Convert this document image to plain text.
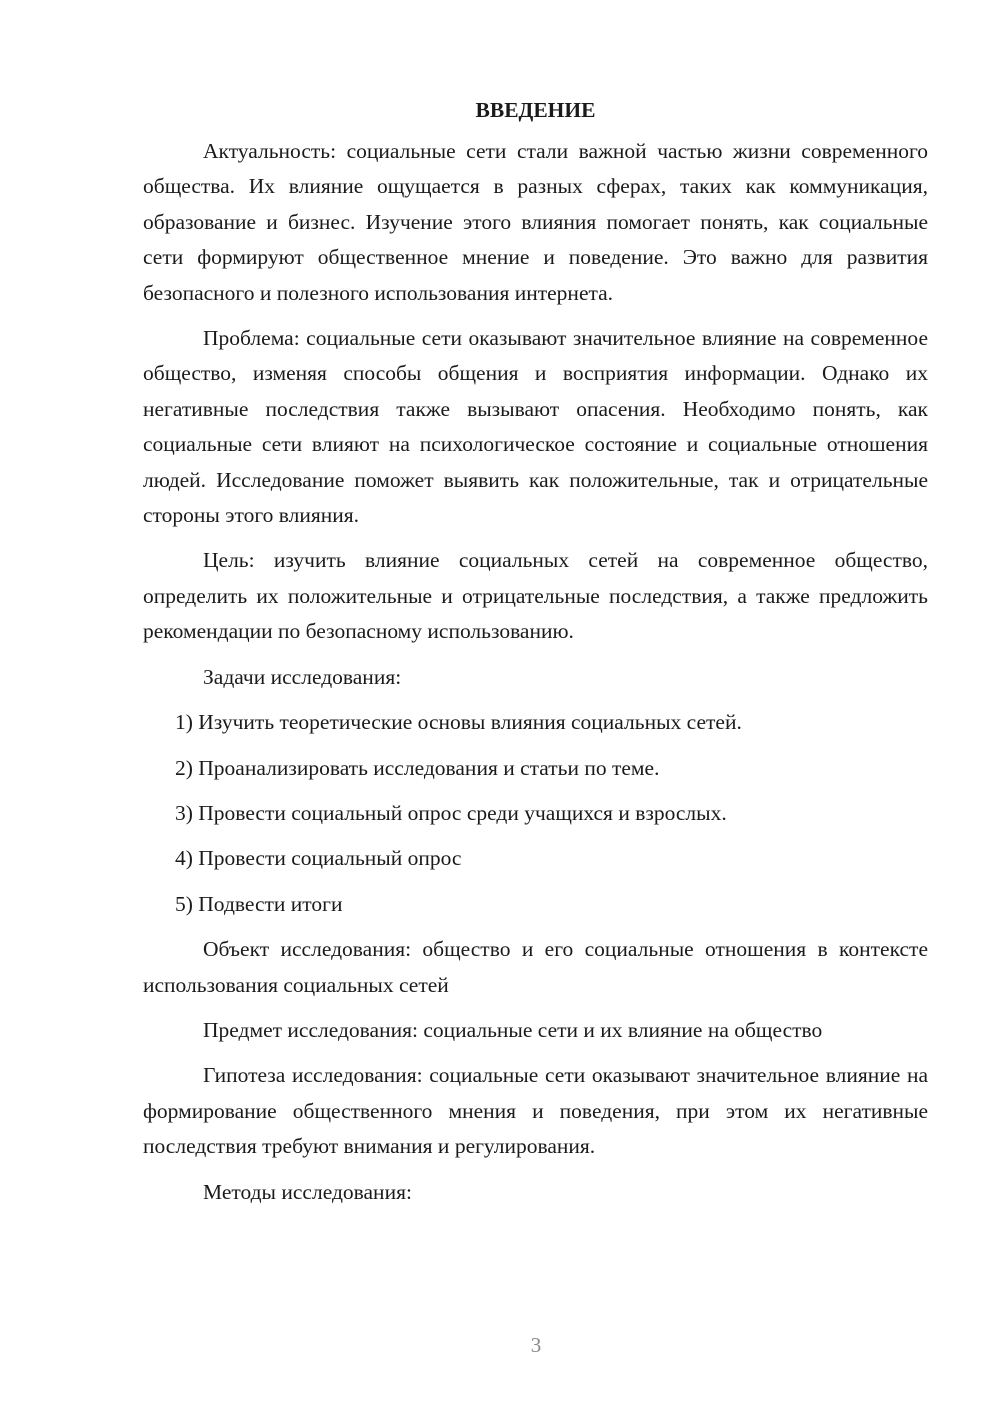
ВВЕДЕНИЕ

Актуальность: социальные сети стали важной частью жизни современного общества. Их влияние ощущается в разных сферах, таких как коммуникация, образование и бизнес. Изучение этого влияния помогает понять, как социальные сети формируют общественное мнение и поведение. Это важно для развития безопасного и полезного использования интернета.

Проблема: социальные сети оказывают значительное влияние на современное общество, изменяя способы общения и восприятия информации. Однако их негативные последствия также вызывают опасения. Необходимо понять, как социальные сети влияют на психологическое состояние и социальные отношения людей. Исследование поможет выявить как положительные, так и отрицательные стороны этого влияния.

Цель: изучить влияние социальных сетей на современное общество, определить их положительные и отрицательные последствия, а также предложить рекомендации по безопасному использованию.

Задачи исследования:

1) Изучить теоретические основы влияния социальных сетей.

2) Проанализировать исследования и статьи по теме.

3) Провести социальный опрос среди учащихся и взрослых.

4) Провести социальный опрос

5) Подвести итоги

Объект исследования: общество и его социальные отношения в контексте использования социальных сетей

Предмет исследования: социальные сети и их влияние на общество

Гипотеза исследования: социальные сети оказывают значительное влияние на формирование общественного мнения и поведения, при этом их негативные последствия требуют внимания и регулирования.

Методы исследования:

3
